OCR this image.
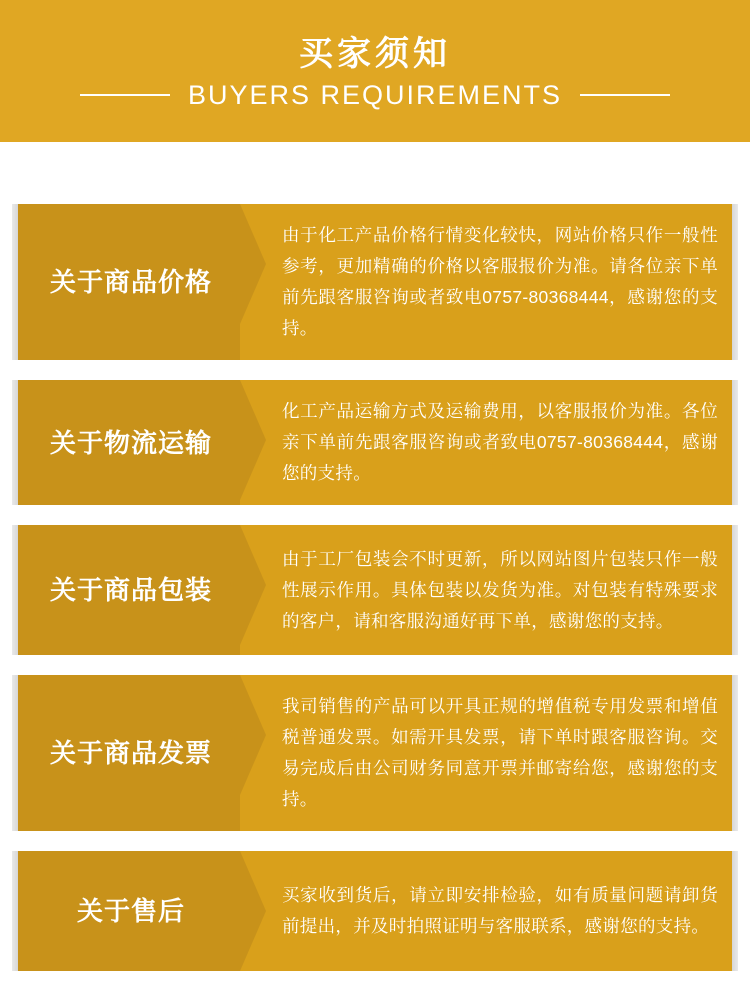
买家须知
BUYERS REQUIREMENTS
关于商品价格
由于化工产品价格行情变化较快，网站价格只作一般性参考，更加精确的价格以客服报价为准。请各位亲下单前先跟客服咨询或者致电0757-80368444，感谢您的支持。
关于物流运输
化工产品运输方式及运输费用，以客服报价为准。各位亲下单前先跟客服咨询或者致电0757-80368444，感谢您的支持。
关于商品包装
由于工厂包装会不时更新，所以网站图片包装只作一般性展示作用。具体包装以发货为准。对包装有特殊要求的客户，请和客服沟通好再下单，感谢您的支持。
关于商品发票
我司销售的产品可以开具正规的增值税专用发票和增值税普通发票。如需开具发票，请下单时跟客服咨询。交易完成后由公司财务同意开票并邮寄给您，感谢您的支持。
关于售后
买家收到货后，请立即安排检验，如有质量问题请卸货前提出，并及时拍照证明与客服联系，感谢您的支持。
